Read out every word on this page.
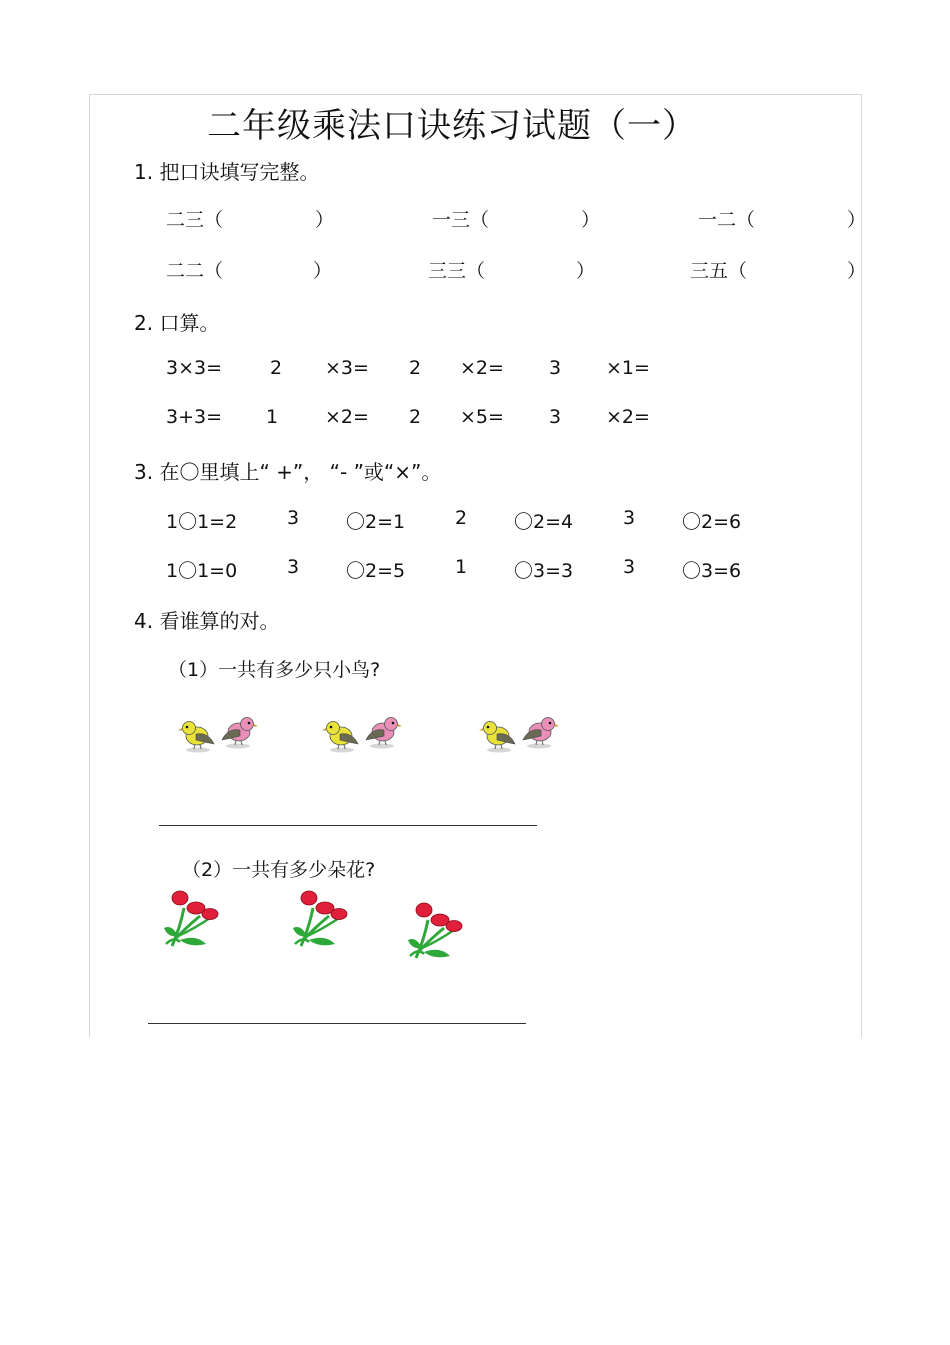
二年级乘法口诀练习试题（一）
1. 把口诀填写完整。
二三（	）	一三（	）	一二（	）
二二（	）	三三（	）	三五（	）
2. 口算。
3×3=	2 ×3= 2 ×2= 3 ×1=
3+3= 1 ×2= 2 ×5= 3 ×2=
3. 在〇里填上“ +”， “- ”或“×”。
1〇1=2	3 〇2=1	2 〇2=4	3 〇2=6
1〇1=0	3 〇2=5	1 〇3=3	3 〇3=6
4. 看谁算的对。
（1）一共有多少只小鸟?
（2）一共有多少朵花?
